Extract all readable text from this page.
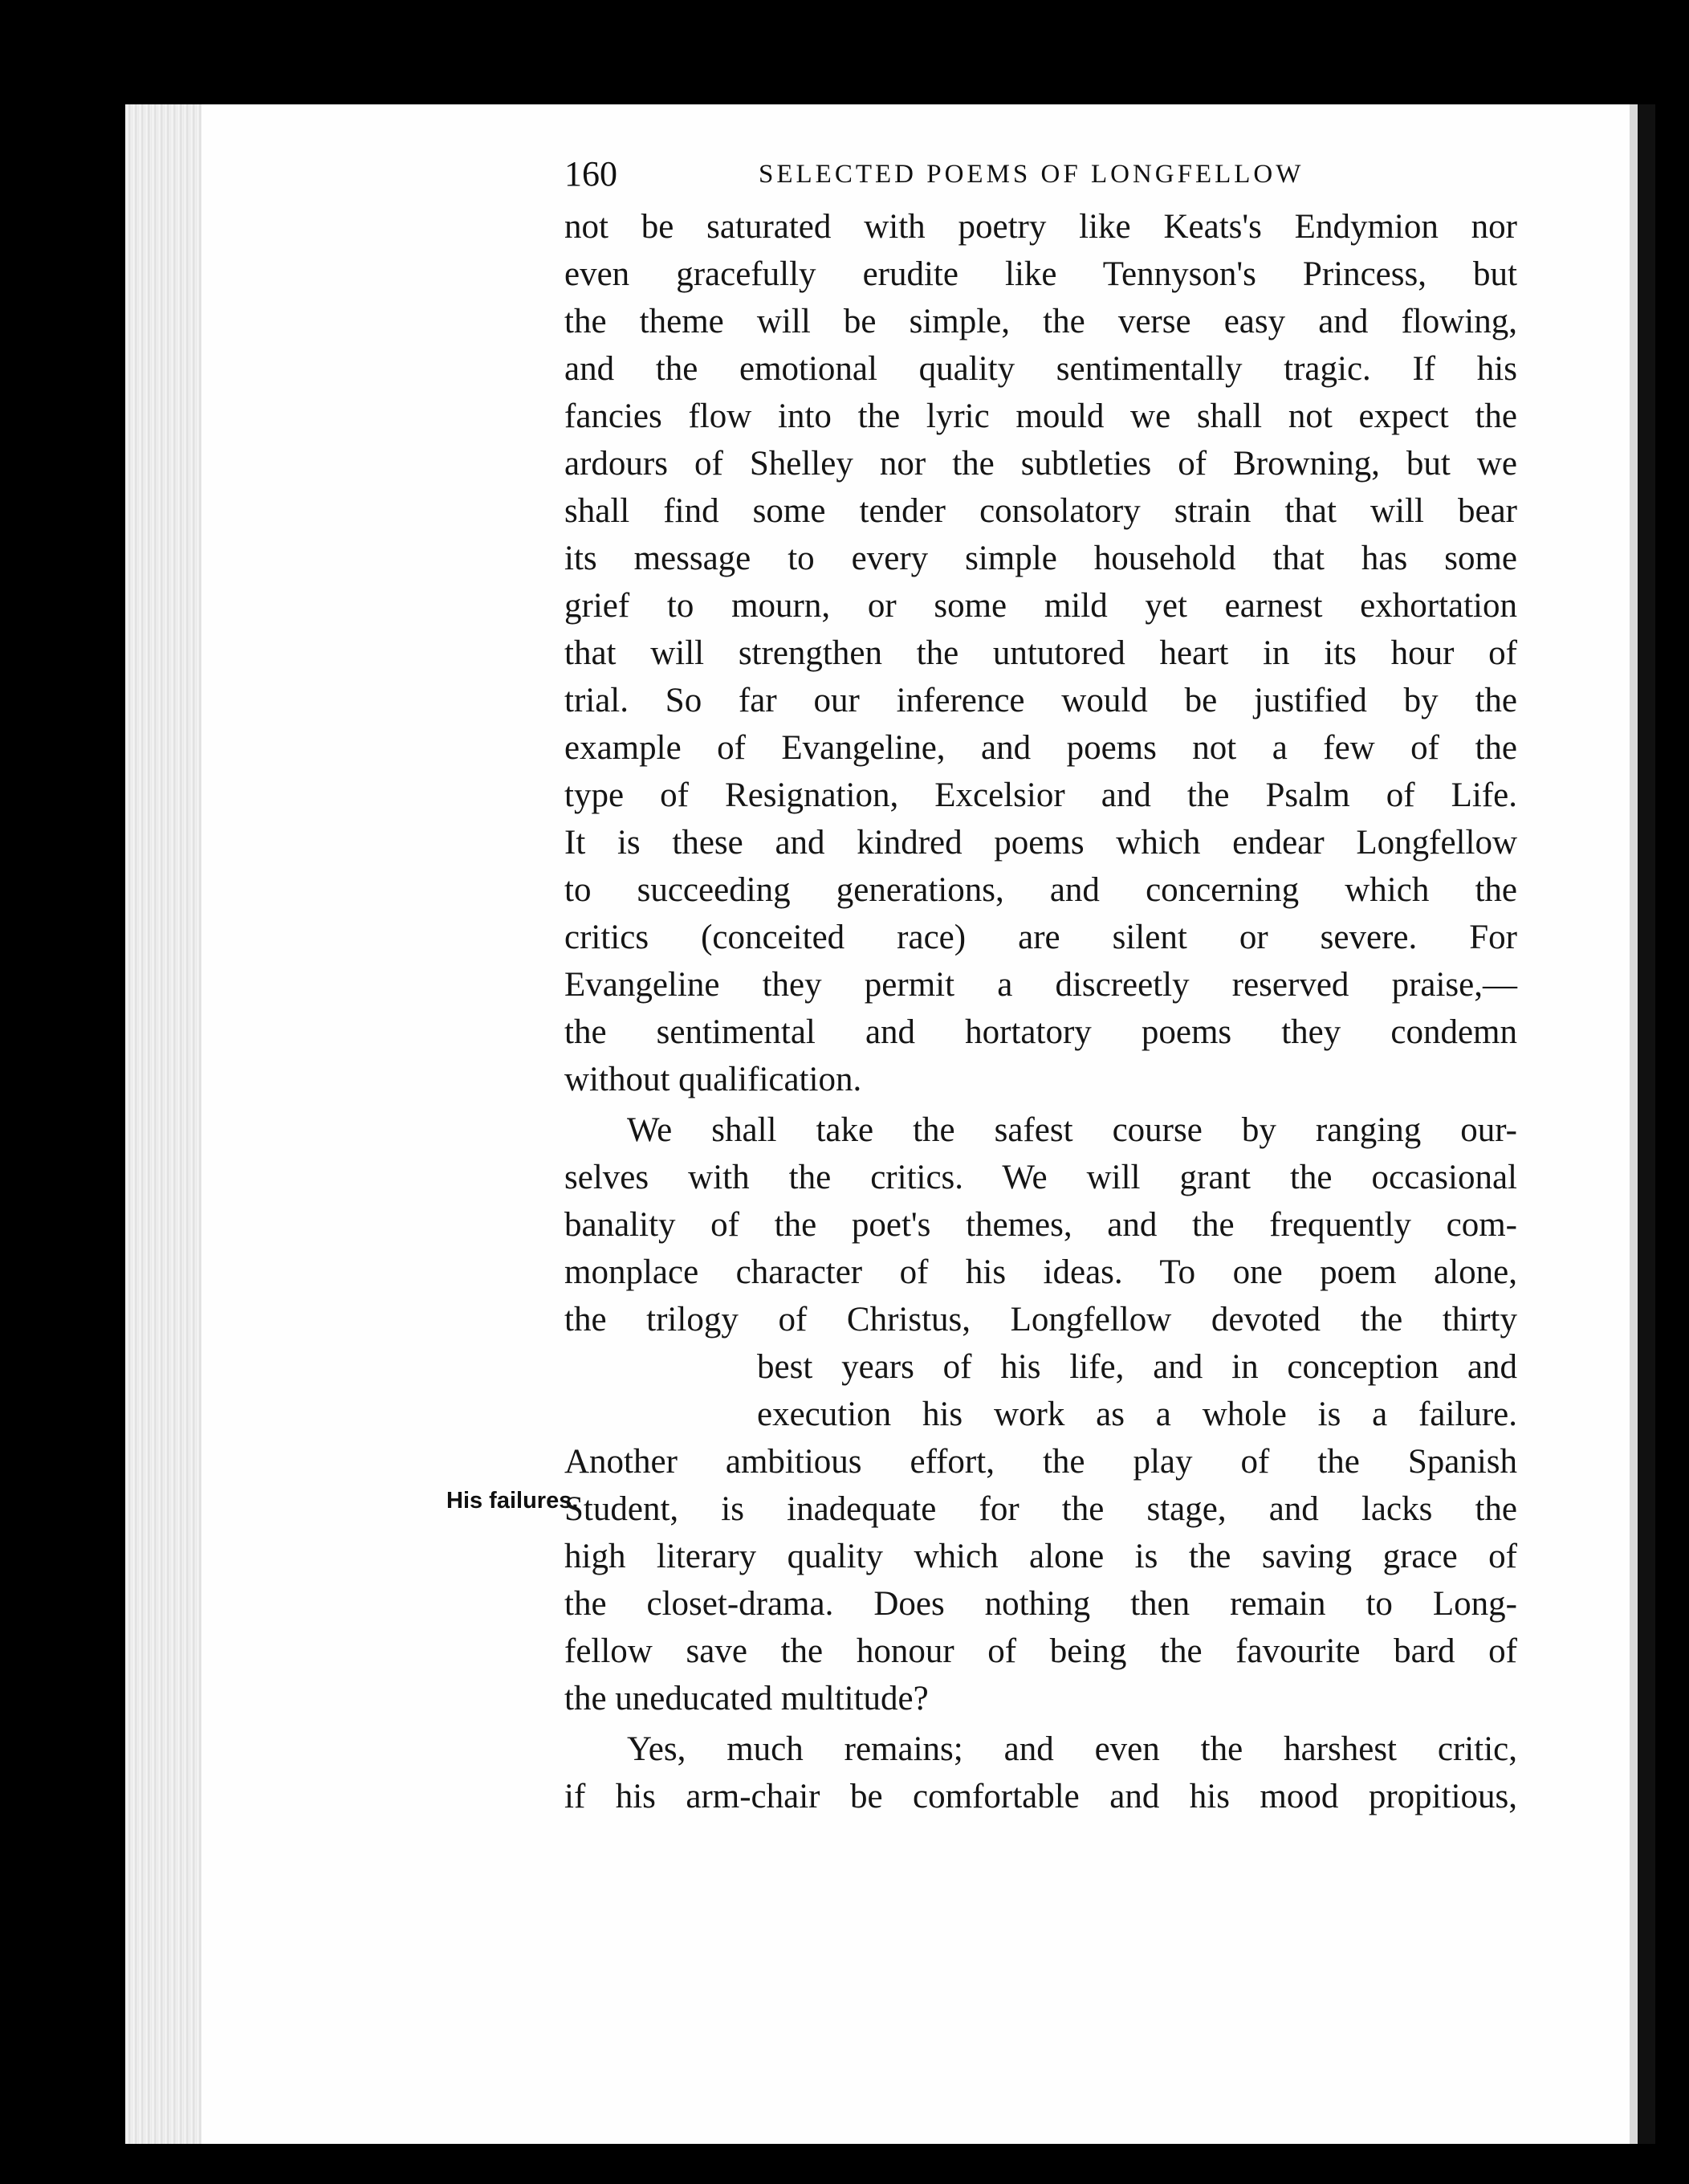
160	SELECTED POEMS OF LONGFELLOW
not be saturated with poetry like Keats's Endymion nor
even gracefully erudite like Tennyson's Princess, but
the theme will be simple, the verse easy and flowing,
and the emotional quality sentimentally tragic. If his
fancies flow into the lyric mould we shall not expect the
ardours of Shelley nor the subtleties of Browning, but we
shall find some tender consolatory strain that will bear
its message to every simple household that has some
grief to mourn, or some mild yet earnest exhortation
that will strengthen the untutored heart in its hour of
trial. So far our inference would be justified by the
example of Evangeline, and poems not a few of the
type of Resignation, Excelsior and the Psalm of Life.
It is these and kindred poems which endear Longfellow
to succeeding generations, and concerning which the
critics (conceited race) are silent or severe. For
Evangeline they permit a discreetly reserved praise,—
the sentimental and hortatory poems they condemn
without qualification.
We shall take the safest course by ranging our-
selves with the critics. We will grant the occasional
banality of the poet's themes, and the frequently com-
monplace character of his ideas. To one poem alone,
the trilogy of Christus, Longfellow devoted the thirty
best years of his life, and in conception and
execution his work as a whole is a failure.
Another ambitious effort, the play of the Spanish
Student, is inadequate for the stage, and lacks the
high literary quality which alone is the saving grace of
the closet-drama. Does nothing then remain to Long-
fellow save the honour of being the favourite bard of
the uneducated multitude?
Yes, much remains; and even the harshest critic,
if his arm-chair be comfortable and his mood propitious,
His failures.
